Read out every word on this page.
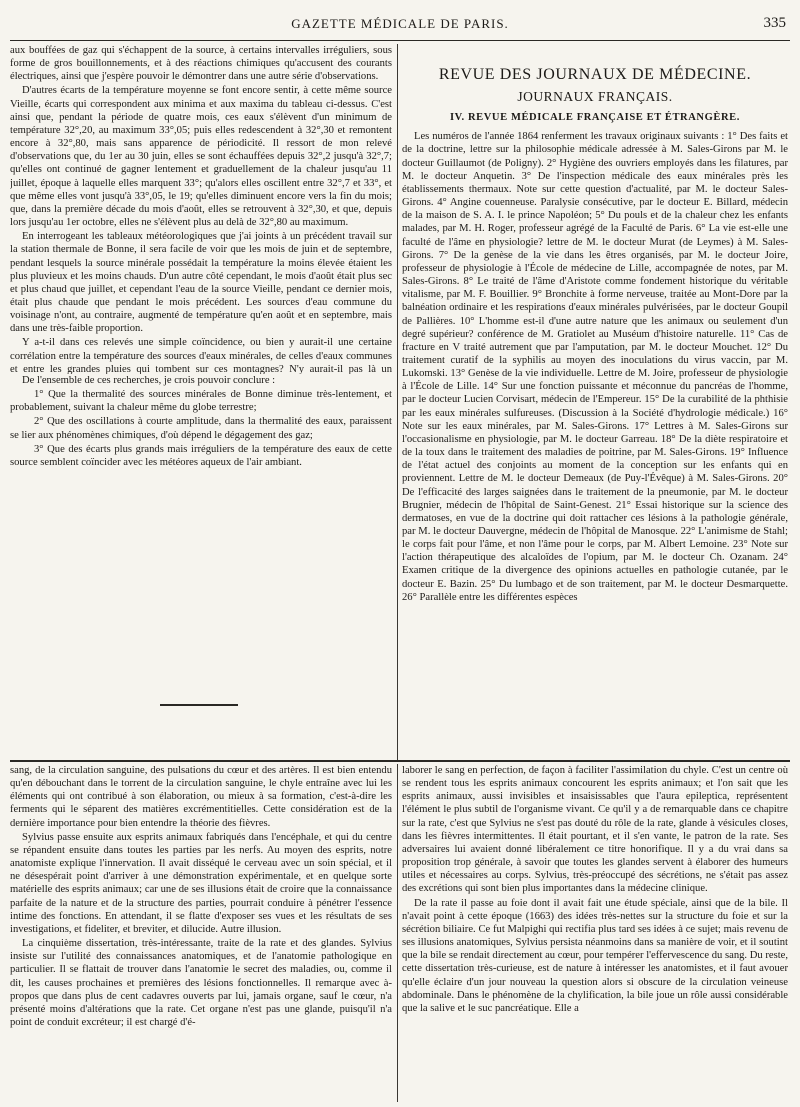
GAZETTE MÉDICALE DE PARIS.	335

aux bouffées de gaz qui s'échappent de la source, à certains intervalles irréguliers, sous forme de gros bouillonnements, et à des réactions chimiques qu'accusent des courants électriques, ainsi que j'espère pouvoir le démontrer dans une autre série d'observations.

D'autres écarts de la température moyenne se font encore sentir, à cette même source Vieille, écarts qui correspondent aux minima et aux maxima du tableau ci-dessus. C'est ainsi que, pendant la période de quatre mois, ces eaux s'élèvent d'un minimum de température 32°,20, au maximum 33°,05; puis elles redescendent à 32°,30 et remontent encore à 32°,80, mais sans apparence de périodicité. Il ressort de mon relevé d'observations que, du 1er au 30 juin, elles se sont échauffées depuis 32°,2 jusqu'à 32°,7; qu'elles ont continué de gagner lentement et graduellement de la chaleur jusqu'au 11 juillet, époque à laquelle elles marquent 33°; qu'alors elles oscillent entre 32°,7 et 33°, et que même elles vont jusqu'à 33°,05, le 19; qu'elles diminuent encore vers la fin du mois; que, dans la première décade du mois d'août, elles se retrouvent à 32°,30, et que, depuis lors jusqu'au 1er octobre, elles ne s'élèvent plus au delà de 32°,80 au maximum.

En interrogeant les tableaux météorologiques que j'ai joints à un précédent travail sur la station thermale de Bonne, il sera facile de voir que les mois de juin et de septembre, pendant lesquels la source minérale possédait la température la moins élevée étaient les plus pluvieux et les moins chauds. D'un autre côté cependant, le mois d'août était plus sec et plus chaud que juillet, et cependant l'eau de la source Vieille, pendant ce dernier mois, était plus chaude que pendant le mois précédent. Les sources d'eau commune du voisinage n'ont, au contraire, augmenté de température qu'en août et en septembre, mais dans une très-faible proportion.

Y a-t-il dans ces relevés une simple coïncidence, ou bien y aurait-il une certaine corrélation entre la température des sources d'eaux minérales, de celles d'eaux communes et entre les grandes pluies qui tombent sur ces montagnes? N'y aurait-il pas là un

De l'ensemble de ces recherches, je crois pouvoir conclure :

1° Que la thermalité des sources minérales de Bonne diminue très-lentement, et probablement, suivant la chaleur même du globe terrestre;

2° Que des oscillations à courte amplitude, dans la thermalité des eaux, paraissent se lier aux phénomènes chimiques, d'où dépend le dégagement des gaz;

3° Que des écarts plus grands mais irréguliers de la température des eaux de cette source semblent coïncider avec les météores aqueux de l'air ambiant.

REVUE DES JOURNAUX DE MÉDECINE.
JOURNAUX FRANÇAIS.
IV. REVUE MÉDICALE FRANÇAISE ET ÉTRANGÈRE.

Les numéros de l'année 1864 renferment les travaux originaux suivants : 1° Des faits et de la doctrine, lettre sur la philosophie médicale adressée à M. Sales-Girons par M. le docteur Guillaumot (de Poligny). 2° Hygiène des ouvriers employés dans les filatures, par M. le docteur Anquetin. 3° De l'inspection médicale des eaux minérales près les établissements thermaux. Note sur cette question d'actualité, par M. le docteur Sales-Girons. 4° Angine couenneuse. Paralysie consécutive, par le docteur E. Billard, médecin de la maison de S. A. I. le prince Napoléon; 5° Du pouls et de la chaleur chez les enfants malades, par M. H. Roger, professeur agrégé de la Faculté de Paris. 6° La vie est-elle une faculté de l'âme en physiologie? lettre de M. le docteur Murat (de Leymes) à M. Sales-Girons. 7° De la genèse de la vie dans les êtres organisés, par M. le docteur Joire, professeur de physiologie à l'École de médecine de Lille, accompagnée de notes, par M. Sales-Girons. 8° Le traité de l'âme d'Aristote comme fondement historique du véritable vitalisme, par M. F. Bouillier. 9° Bronchite à forme nerveuse, traitée au Mont-Dore par la balnéation ordinaire et les respirations d'eaux minérales pulvérisées, par le docteur Goupil de Pallières. 10° L'homme est-il d'une autre nature que les animaux ou seulement d'un degré supérieur? conférence de M. Gratiolet au Muséum d'histoire naturelle. 11° Cas de fracture en V traité autrement que par l'amputation, par M. le docteur Mouchet. 12° Du traitement curatif de la syphilis au moyen des inoculations du virus vaccin, par M. Lukomski. 13° Genèse de la vie individuelle. Lettre de M. Joire, professeur de physiologie à l'École de Lille. 14° Sur une fonction puissante et méconnue du pancréas de l'homme, par le docteur Lucien Corvisart, médecin de l'Empereur. 15° De la curabilité de la phthisie par les eaux minérales sulfureuses. (Discussion à la Société d'hydrologie médicale.) 16° Note sur les eaux minérales, par M. Sales-Girons. 17° Lettres à M. Sales-Girons sur l'occasionalisme en physiologie, par M. le docteur Garreau. 18° De la diète respiratoire et de la toux dans le traitement des maladies de poitrine, par M. Sales-Girons. 19° Influence de l'état actuel des conjoints au moment de la conception sur les enfants qui en proviennent. Lettre de M. le docteur Demeaux (de Puy-l'Évêque) à M. Sales-Girons. 20° De l'efficacité des larges saignées dans le traitement de la pneumonie, par M. le docteur Brugnier, médecin de l'hôpital de Saint-Genest. 21° Essai historique sur la science des dermatoses, en vue de la doctrine qui doit rattacher ces lésions à la pathologie générale, par M. le docteur Dauvergne, médecin de l'hôpital de Manosque. 22° L'animisme de Stahl; le corps fait pour l'âme, et non l'âme pour le corps, par M. Albert Lemoine. 23° Note sur l'action thérapeutique des alcaloïdes de l'opium, par M. le docteur Ch. Ozanam. 24° Examen critique de la divergence des opinions actuelles en pathologie cutanée, par le docteur E. Bazin. 25° Du lumbago et de son traitement, par M. le docteur Desmarquette. 26° Parallèle entre les différentes espèces

sang, de la circulation sanguine, des pulsations du cœur et des artères. Il est bien entendu qu'en débouchant dans le torrent de la circulation sanguine, le chyle entraîne avec lui les éléments qui ont contribué à son élaboration, ou mieux à sa formation, c'est-à-dire les ferments qui le séparent des matières excrémentitielles. Cette considération est de la dernière importance pour bien entendre la théorie des fièvres.

Sylvius passe ensuite aux esprits animaux fabriqués dans l'encéphale, et qui du centre se répandent ensuite dans toutes les parties par les nerfs. Au moyen des esprits, notre anatomiste explique l'innervation. Il avait disséqué le cerveau avec un soin spécial, et il ne désespérait point d'arriver à une démonstration expérimentale, et en quelque sorte matérielle des esprits animaux; car une de ses illusions était de croire que la connaissance parfaite de la nature et de la structure des parties, pourrait conduire à pénétrer l'essence intime des fonctions. En attendant, il se flatte d'exposer ses vues et les résultats de ses investigations, et fideliter, et breviter, et dilucide. Autre illusion.

La cinquième dissertation, très-intéressante, traite de la rate et des glandes. Sylvius insiste sur l'utilité des connaissances anatomiques, et de l'anatomie pathologique en particulier. Il se flattait de trouver dans l'anatomie le secret des maladies, ou, comme il dit, les causes prochaines et premières des lésions fonctionnelles. Il remarque avec à-propos que dans plus de cent cadavres ouverts par lui, jamais organe, sauf le cœur, n'a présenté moins d'altérations que la rate. Cet organe n'est pas une glande, puisqu'il n'a point de conduit excréteur; il est chargé d'é-

laborer le sang en perfection, de façon à faciliter l'assimilation du chyle. C'est un centre où se rendent tous les esprits animaux concourent les esprits animaux; et l'on sait que les esprits animaux, aussi invisibles et insaisissables que l'aura epileptica, représentent l'élément le plus subtil de l'organisme vivant. Ce qu'il y a de remarquable dans ce chapitre sur la rate, c'est que Sylvius ne s'est pas douté du rôle de la rate, glande à vésicules closes, dans les fièvres intermittentes. Il était pourtant, et il s'en vante, le patron de la rate. Ses adversaires lui avaient donné libéralement ce titre honorifique. Il y a du vrai dans sa proposition trop générale, à savoir que toutes les glandes servent à élaborer des humeurs utiles et nécessaires au corps. Sylvius, très-préoccupé des sécrétions, ne s'était pas assez des excrétions qui sont bien plus importantes dans la médecine clinique.

De la rate il passe au foie dont il avait fait une étude spéciale, ainsi que de la bile. Il n'avait point à cette époque (1663) des idées très-nettes sur la structure du foie et sur la sécrétion biliaire. Ce fut Malpighi qui rectifia plus tard ses idées à ce sujet; mais revenu de ses illusions anatomiques, Sylvius persista néanmoins dans sa manière de voir, et il soutint que la bile se rendait directement au cœur, pour tempérer l'effervescence du sang. Du reste, cette dissertation très-curieuse, est de nature à intéresser les anatomistes, et il faut avouer qu'elle éclaire d'un jour nouveau la question alors si obscure de la circulation veineuse abdominale. Dans le phénomène de la chylification, la bile joue un rôle aussi considérable que la salive et le suc pancréatique. Elle a
